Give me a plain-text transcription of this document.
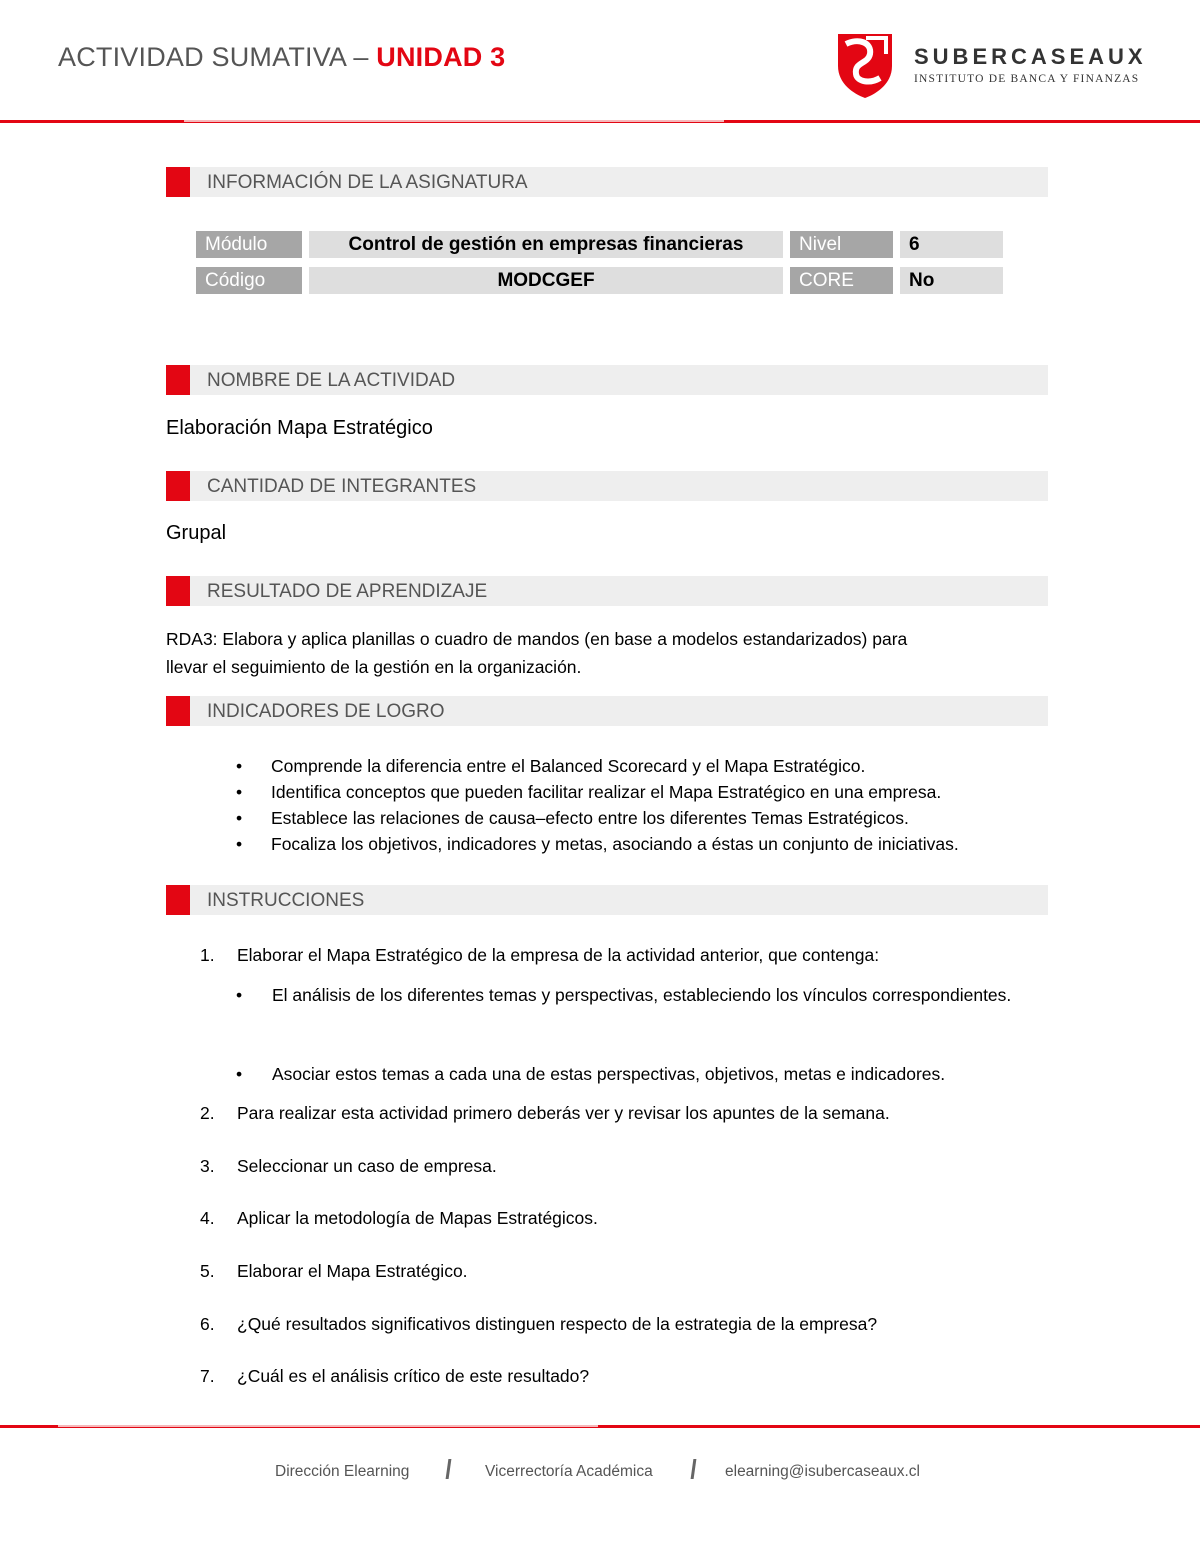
ACTIVIDAD SUMATIVA – UNIDAD 3	SUBERCASEAUX
INSTITUTO DE BANCA Y FINANZAS
INFORMACIÓN DE LA ASIGNATURA
Módulo	Control de gestión en empresas financieras	Nivel	6
Código	MODCGEF	CORE	No
NOMBRE DE LA ACTIVIDAD
Elaboración Mapa Estratégico
CANTIDAD DE INTEGRANTES
Grupal
RESULTADO DE APRENDIZAJE
RDA3: Elabora y aplica planillas o cuadro de mandos (en base a modelos estandarizados) para
llevar el seguimiento de la gestión en la organización.
INDICADORES DE LOGRO
• Comprende la diferencia entre el Balanced Scorecard y el Mapa Estratégico.
• Identifica conceptos que pueden facilitar realizar el Mapa Estratégico en una empresa.
• Establece las relaciones de causa–efecto entre los diferentes Temas Estratégicos.
• Focaliza los objetivos, indicadores y metas, asociando a éstas un conjunto de iniciativas.
INSTRUCCIONES
1. Elaborar el Mapa Estratégico de la empresa de la actividad anterior, que contenga:
• El análisis de los diferentes temas y perspectivas, estableciendo los vínculos correspondientes.
• Asociar estos temas a cada una de estas perspectivas, objetivos, metas e indicadores.
2. Para realizar esta actividad primero deberás ver y revisar los apuntes de la semana.
3. Seleccionar un caso de empresa.
4. Aplicar la metodología de Mapas Estratégicos.
5. Elaborar el Mapa Estratégico.
6. ¿Qué resultados significativos distinguen respecto de la estrategia de la empresa?
7. ¿Cuál es el análisis crítico de este resultado?
Dirección Elearning	Vicerrectoría Académica	elearning@isubercaseaux.cl
